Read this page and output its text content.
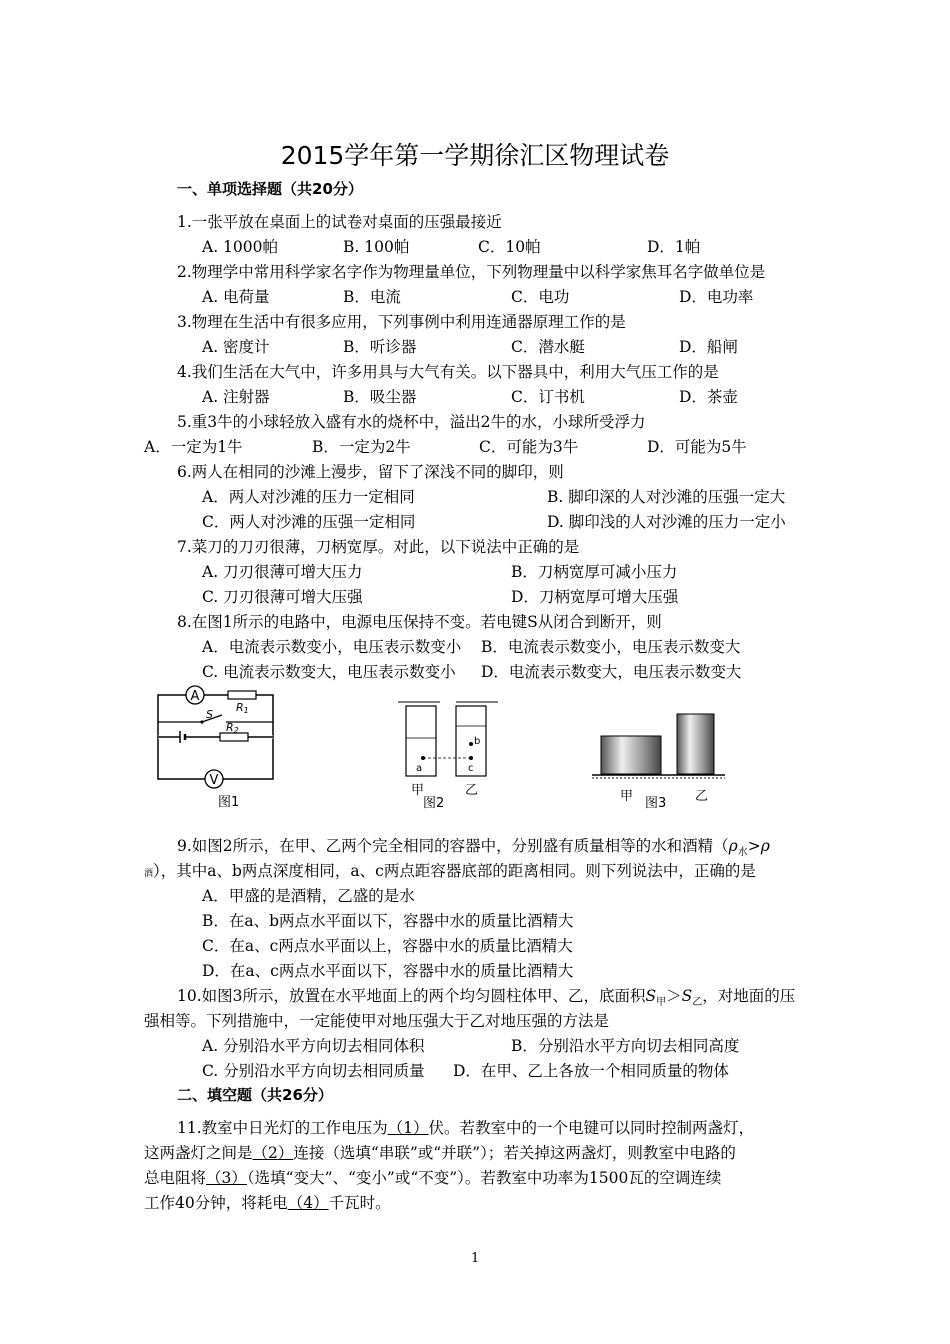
2015学年第一学期徐汇区物理试卷
一、单项选择题（共20分）
1.一张平放在桌面上的试卷对桌面的压强最接近
A. 1000帕	B. 100帕	C．10帕	D．1帕
2.物理学中常用科学家名字作为物理量单位，下列物理量中以科学家焦耳名字做单位是
A. 电荷量	B．电流	C．电功	D．电功率
3.物理在生活中有很多应用，下列事例中利用连通器原理工作的是
A. 密度计	B．听诊器	C．潜水艇	D．船闸
4.我们生活在大气中，许多用具与大气有关。以下器具中，利用大气压工作的是
A. 注射器	B．吸尘器	C．订书机	D．茶壶
5.重3牛的小球轻放入盛有水的烧杯中，溢出2牛的水，小球所受浮力
A．一定为1牛	B．一定为2牛	C．可能为3牛	D．可能为5牛
6.两人在相同的沙滩上漫步，留下了深浅不同的脚印，则
A．两人对沙滩的压力一定相同	B. 脚印深的人对沙滩的压强一定大
C．两人对沙滩的压强一定相同	D. 脚印浅的人对沙滩的压力一定小
7.菜刀的刀刃很薄，刀柄宽厚。对此，以下说法中正确的是
A. 刀刃很薄可增大压力	B．刀柄宽厚可减小压力
C. 刀刃很薄可增大压强	D．刀柄宽厚可增大压强
8.在图1所示的电路中，电源电压保持不变。若电键S从闭合到断开，则
A．电流表示数变小，电压表示数变小 B．电流表示数变小，电压表示数变大
C. 电流表示数变大，电压表示数变小 D．电流表示数变大，电压表示数变大
A
V
S
R1
R2
图1
a
b
c
甲	乙
图2	甲	乙
图3
9.如图2所示，在甲、乙两个完全相同的容器中，分别盛有质量相等的水和酒精（$\rho_水>\rho$
酒），其中a、b两点深度相同，a、c两点距容器底部的距离相同。则下列说法中，正确的是
A．甲盛的是酒精，乙盛的是水
B．在a、b两点水平面以下，容器中水的质量比酒精大
C．在a、c两点水平面以上，容器中水的质量比酒精大
D．在a、c两点水平面以下，容器中水的质量比酒精大
10.如图3所示，放置在水平地面上的两个均匀圆柱体甲、乙，底面积$S_甲>S_乙$，对地面的压
强相等。下列措施中，一定能使甲对地压强大于乙对地压强的方法是
A. 分别沿水平方向切去相同体积	B．分别沿水平方向切去相同高度
C. 分别沿水平方向切去相同质量 D．在甲、乙上各放一个相同质量的物体
二、填空题（共26分）
11.教室中日光灯的工作电压为（1）伏。若教室中的一个电键可以同时控制两盏灯，
这两盏灯之间是（2）连接（选填“串联”或“并联”）；若关掉这两盏灯，则教室中电路的
总电阻将（3）（选填“变大”、“变小”或“不变”）。若教室中功率为1500瓦的空调连续
工作40分钟，将耗电（4）千瓦时。
1
